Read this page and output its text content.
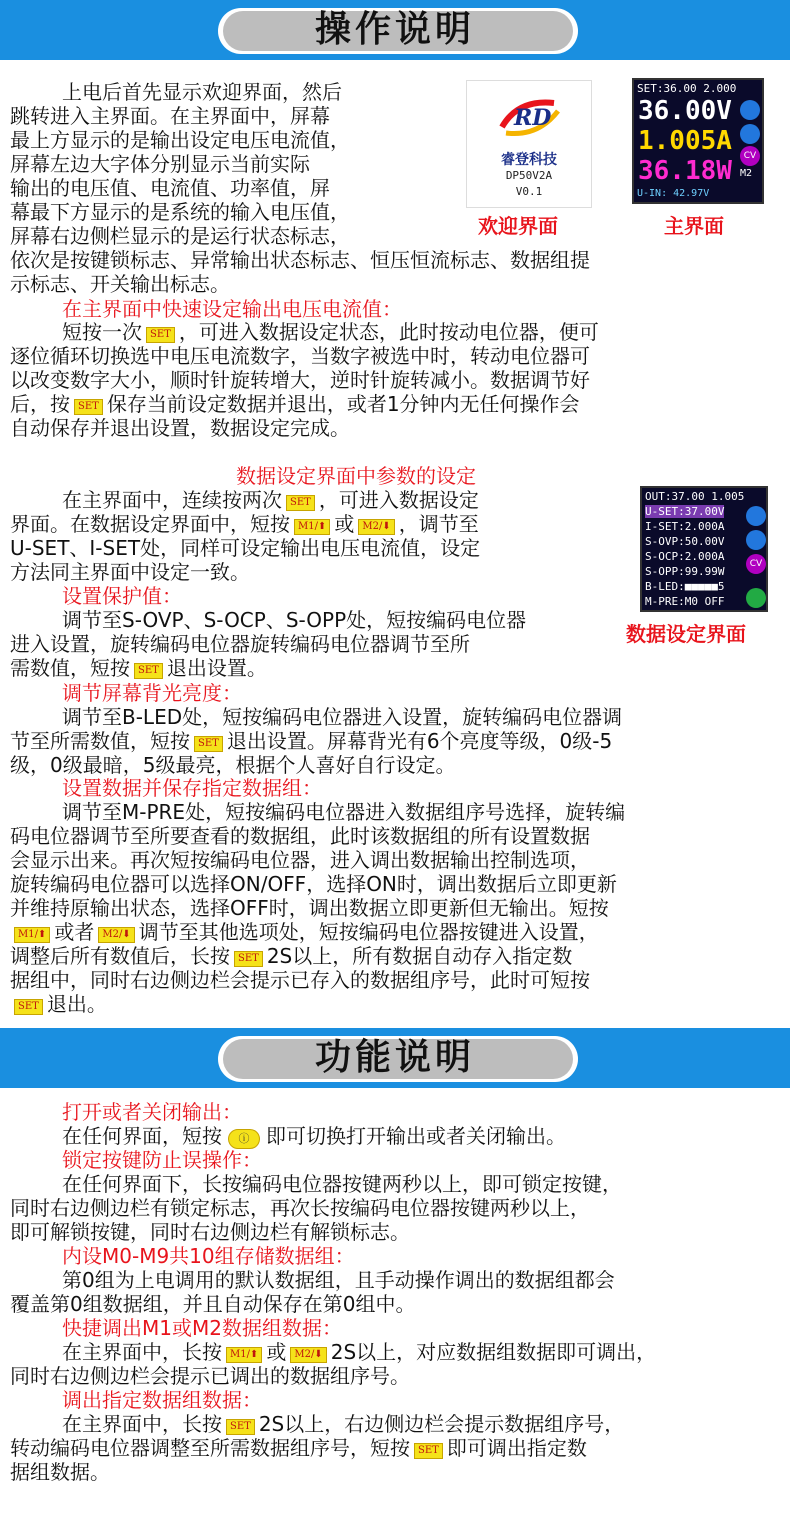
操作说明
上电后首先显示欢迎界面，然后
跳转进入主界面。在主界面中，屏幕
最上方显示的是输出设定电压电流值，
屏幕左边大字体分别显示当前实际
输出的电压值、电流值、功率值，屏
幕最下方显示的是系统的输入电压值，
屏幕右边侧栏显示的是运行状态标志，
依次是按键锁标志、异常输出状态标志、恒压恒流标志、数据组提
示标志、开关输出标志。
RD
睿登科技
DP50V2A
V0.1
欢迎界面
SET:36.00 2.000
36.00V
1.005A
36.18W
U-IN: 42.97V
CV
M2
主界面
在主界面中快速设定输出电压电流值：
短按一次 SET ，可进入数据设定状态，此时按动电位器，便可
逐位循环切换选中电压电流数字，当数字被选中时，转动电位器可
以改变数字大小，顺时针旋转增大，逆时针旋转减小。数据调节好
后，按 SET 保存当前设定数据并退出，或者1分钟内无任何操作会
自动保存并退出设置，数据设定完成。
数据设定界面中参数的设定
在主界面中，连续按两次 SET ，可进入数据设定
界面。在数据设定界面中，短按 M1/⬆ 或 M2/⬇ ，调节至
U-SET、I-SET处，同样可设定输出电压电流值，设定
方法同主界面中设定一致。
OUT:37.00 1.005
U-SET:37.00V
I-SET:2.000A
S-OVP:50.00V
S-OCP:2.000A
S-OPP:99.99W
B-LED:■■■■■5
M-PRE:M0 OFF
CV
数据设定界面
设置保护值：
调节至S-OVP、S-OCP、S-OPP处，短按编码电位器
进入设置，旋转编码电位器旋转编码电位器调节至所
需数值，短按 SET 退出设置。
调节屏幕背光亮度：
调节至B-LED处，短按编码电位器进入设置，旋转编码电位器调
节至所需数值，短按 SET 退出设置。屏幕背光有6个亮度等级，0级-5
级，0级最暗，5级最亮，根据个人喜好自行设定。
设置数据并保存指定数据组：
调节至M-PRE处，短按编码电位器进入数据组序号选择，旋转编
码电位器调节至所要查看的数据组，此时该数据组的所有设置数据
会显示出来。再次短按编码电位器，进入调出数据输出控制选项，
旋转编码电位器可以选择ON/OFF，选择ON时，调出数据后立即更新
并维持原输出状态，选择OFF时，调出数据立即更新但无输出。短按
M1/⬆ 或者 M2/⬇ 调节至其他选项处，短按编码电位器按键进入设置，
调整后所有数值后，长按 SET 2S以上，所有数据自动存入指定数
据组中，同时右边侧边栏会提示已存入的数据组序号，此时可短按
SET 退出。
功能说明
打开或者关闭输出：
在任何界面，短按 ⓘ 即可切换打开输出或者关闭输出。
锁定按键防止误操作：
在任何界面下，长按编码电位器按键两秒以上，即可锁定按键，
同时右边侧边栏有锁定标志，再次长按编码电位器按键两秒以上，
即可解锁按键，同时右边侧边栏有解锁标志。
内设M0-M9共10组存储数据组：
第0组为上电调用的默认数据组，且手动操作调出的数据组都会
覆盖第0组数据组，并且自动保存在第0组中。
快捷调出M1或M2数据组数据：
在主界面中，长按 M1/⬆ 或 M2/⬇ 2S以上，对应数据组数据即可调出，
同时右边侧边栏会提示已调出的数据组序号。
调出指定数据组数据：
在主界面中，长按 SET 2S以上，右边侧边栏会提示数据组序号，
转动编码电位器调整至所需数据组序号，短按 SET 即可调出指定数
据组数据。
